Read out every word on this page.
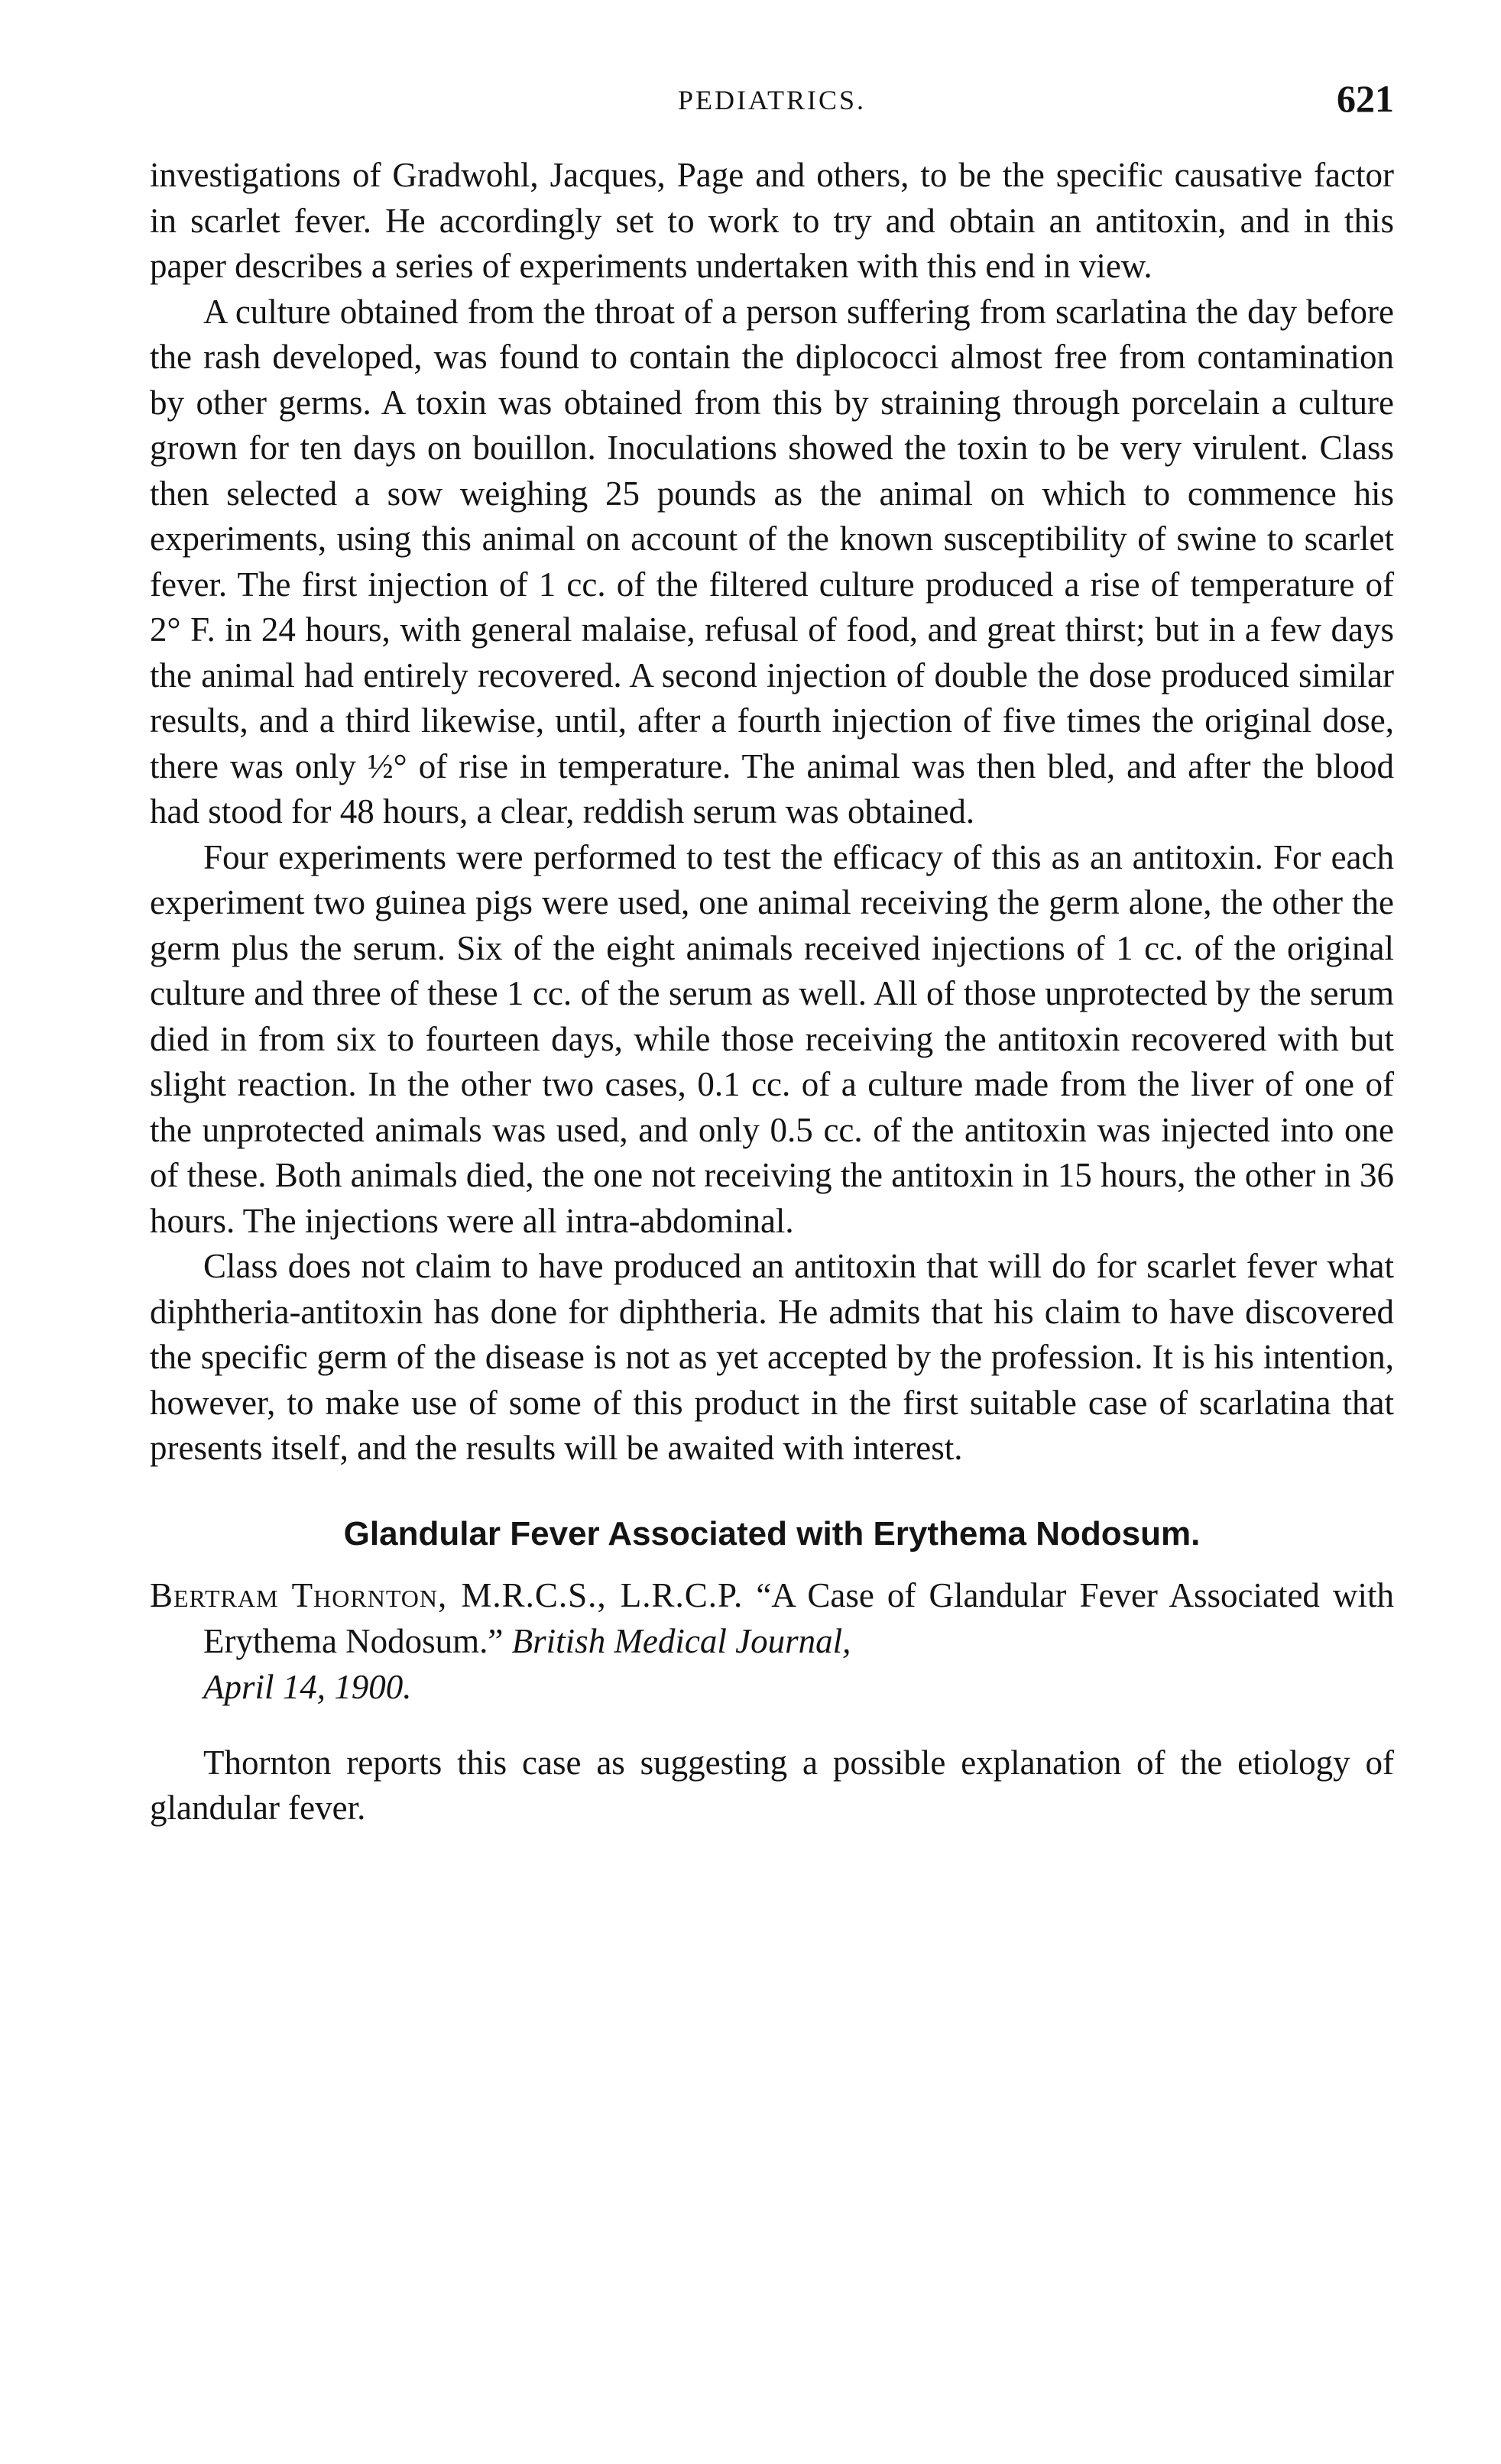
PEDIATRICS.	621

investigations of Gradwohl, Jacques, Page and others, to be the specific causative factor in scarlet fever. He accordingly set to work to try and obtain an antitoxin, and in this paper describes a series of experiments undertaken with this end in view.

A culture obtained from the throat of a person suffering from scarlatina the day before the rash developed, was found to contain the diplococci almost free from contamination by other germs. A toxin was obtained from this by straining through porcelain a culture grown for ten days on bouillon. Inoculations showed the toxin to be very virulent. Class then selected a sow weighing 25 pounds as the animal on which to commence his experiments, using this animal on account of the known susceptibility of swine to scarlet fever. The first injection of 1 cc. of the filtered culture produced a rise of temperature of 2° F. in 24 hours, with general malaise, refusal of food, and great thirst; but in a few days the animal had entirely recovered. A second injection of double the dose produced similar results, and a third likewise, until, after a fourth injection of five times the original dose, there was only ½° of rise in temperature. The animal was then bled, and after the blood had stood for 48 hours, a clear, reddish serum was obtained.

Four experiments were performed to test the efficacy of this as an antitoxin. For each experiment two guinea pigs were used, one animal receiving the germ alone, the other the germ plus the serum. Six of the eight animals received injections of 1 cc. of the original culture and three of these 1 cc. of the serum as well. All of those unprotected by the serum died in from six to fourteen days, while those receiving the antitoxin recovered with but slight reaction. In the other two cases, 0.1 cc. of a culture made from the liver of one of the unprotected animals was used, and only 0.5 cc. of the antitoxin was injected into one of these. Both animals died, the one not receiving the antitoxin in 15 hours, the other in 36 hours. The injections were all intra-abdominal.

Class does not claim to have produced an antitoxin that will do for scarlet fever what diphtheria-antitoxin has done for diphtheria. He admits that his claim to have discovered the specific germ of the disease is not as yet accepted by the profession. It is his intention, however, to make use of some of this product in the first suitable case of scarlatina that presents itself, and the results will be awaited with interest.

Glandular Fever Associated with Erythema Nodosum.

Bertram Thornton, M.R.C.S., L.R.C.P. “A Case of Glandular Fever Associated with Erythema Nodosum.” British Medical Journal,
April 14, 1900.

Thornton reports this case as suggesting a possible explanation of the etiology of glandular fever.
